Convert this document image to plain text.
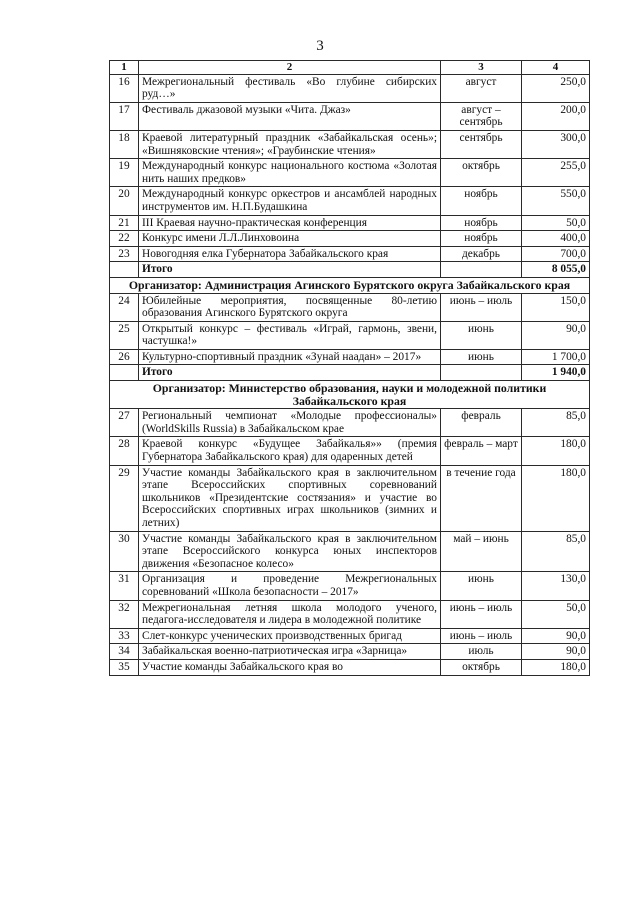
3
1	2	3	4
16	Межрегиональный фестиваль «Во глубине сибирских руд…»	август	250,0
17	Фестиваль джазовой музыки «Чита. Джаз»	август – сентябрь	200,0
18	Краевой литературный праздник «Забайкальская осень»; «Вишняковские чтения»; «Граубинские чтения»	сентябрь	300,0
19	Международный конкурс национального костюма «Золотая нить наших предков»	октябрь	255,0
20	Международный конкурс оркестров и ансамблей народных инструментов им. Н.П.Будашкина	ноябрь	550,0
21	III Краевая научно-практическая конференция	ноябрь	50,0
22	Конкурс имени Л.Л.Линховоина	ноябрь	400,0
23	Новогодняя елка Губернатора Забайкальского края	декабрь	700,0
	Итого		8 055,0
Организатор: Администрация Агинского Бурятского округа Забайкальского края			
24	Юбилейные мероприятия, посвященные 80-летию образования Агинского Бурятского округа	июнь – июль	150,0
25	Открытый конкурс – фестиваль «Играй, гармонь, звени, частушка!»	июнь	90,0
26	Культурно-спортивный праздник «Зунай наадан» – 2017»	июнь	1 700,0
	Итого		1 940,0
Организатор: Министерство образования, науки и молодежной политики Забайкальского края			
27	Региональный чемпионат «Молодые профессионалы» (WorldSkills Russia) в Забайкальском крае	февраль	85,0
28	Краевой конкурс «Будущее Забайкалья»» (премия Губернатора Забайкальского края) для одаренных детей	февраль – март	180,0
29	Участие команды Забайкальского края в заключительном этапе Всероссийских спортивных соревнований школьников «Президентские состязания» и участие во Всероссийских спортивных играх школьников (зимних и летних)	в течение года	180,0
30	Участие команды Забайкальского края в заключительном этапе Всероссийского конкурса юных инспекторов движения «Безопасное колесо»	май – июнь	85,0
31	Организация и проведение Межрегиональных соревнований «Школа безопасности – 2017»	июнь	130,0
32	Межрегиональная летняя школа молодого ученого, педагога-исследователя и лидера в молодежной политике	июнь – июль	50,0
33	Слет-конкурс ученических производственных бригад	июнь – июль	90,0
34	Забайкальская военно-патриотическая игра «Зарница»	июль	90,0
35	Участие команды Забайкальского края во	октябрь	180,0
